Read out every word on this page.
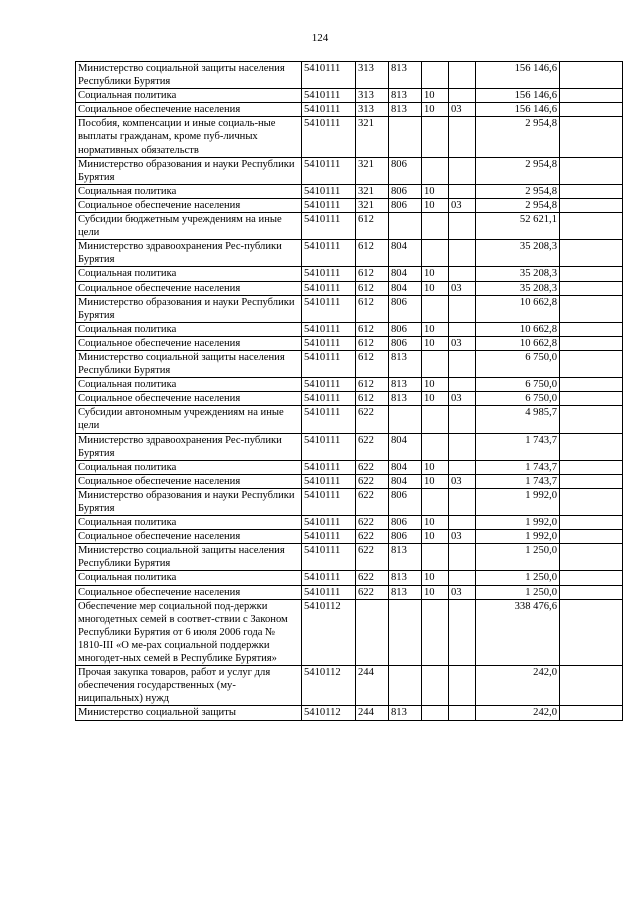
124
Министерство социальной защиты населения Республики Бурятия	5410111	313	813			156 146,6	
Социальная политика	5410111	313	813	10		156 146,6	
Социальное обеспечение населения	5410111	313	813	10	03	156 146,6	
Пособия, компенсации и иные социаль-ные выплаты гражданам, кроме пуб-личных нормативных обязательств	5410111	321				2 954,8	
Министерство образования и науки Республики Бурятия	5410111	321	806			2 954,8	
Социальная политика	5410111	321	806	10		2 954,8	
Социальное обеспечение населения	5410111	321	806	10	03	2 954,8	
Субсидии бюджетным учреждениям на иные цели	5410111	612				52 621,1	
Министерство здравоохранения Рес-публики Бурятия	5410111	612	804			35 208,3	
Социальная политика	5410111	612	804	10		35 208,3	
Социальное обеспечение населения	5410111	612	804	10	03	35 208,3	
Министерство образования и науки Республики Бурятия	5410111	612	806			10 662,8	
Социальная политика	5410111	612	806	10		10 662,8	
Социальное обеспечение населения	5410111	612	806	10	03	10 662,8	
Министерство социальной защиты населения Республики Бурятия	5410111	612	813			6 750,0	
Социальная политика	5410111	612	813	10		6 750,0	
Социальное обеспечение населения	5410111	612	813	10	03	6 750,0	
Субсидии автономным учреждениям на иные цели	5410111	622				4 985,7	
Министерство здравоохранения Рес-публики Бурятия	5410111	622	804			1 743,7	
Социальная политика	5410111	622	804	10		1 743,7	
Социальное обеспечение населения	5410111	622	804	10	03	1 743,7	
Министерство образования и науки Республики Бурятия	5410111	622	806			1 992,0	
Социальная политика	5410111	622	806	10		1 992,0	
Социальное обеспечение населения	5410111	622	806	10	03	1 992,0	
Министерство социальной защиты населения Республики Бурятия	5410111	622	813			1 250,0	
Социальная политика	5410111	622	813	10		1 250,0	
Социальное обеспечение населения	5410111	622	813	10	03	1 250,0	
Обеспечение мер социальной под-держки многодетных семей в соответ-ствии с Законом Республики Бурятия от 6 июля 2006 года № 1810-III «О ме-рах социальной поддержки многодет-ных семей в Республике Бурятия»	5410112					338 476,6	
Прочая закупка товаров, работ и услуг для обеспечения государственных (му-ниципальных) нужд	5410112	244				242,0	
Министерство социальной защиты	5410112	244	813			242,0	
